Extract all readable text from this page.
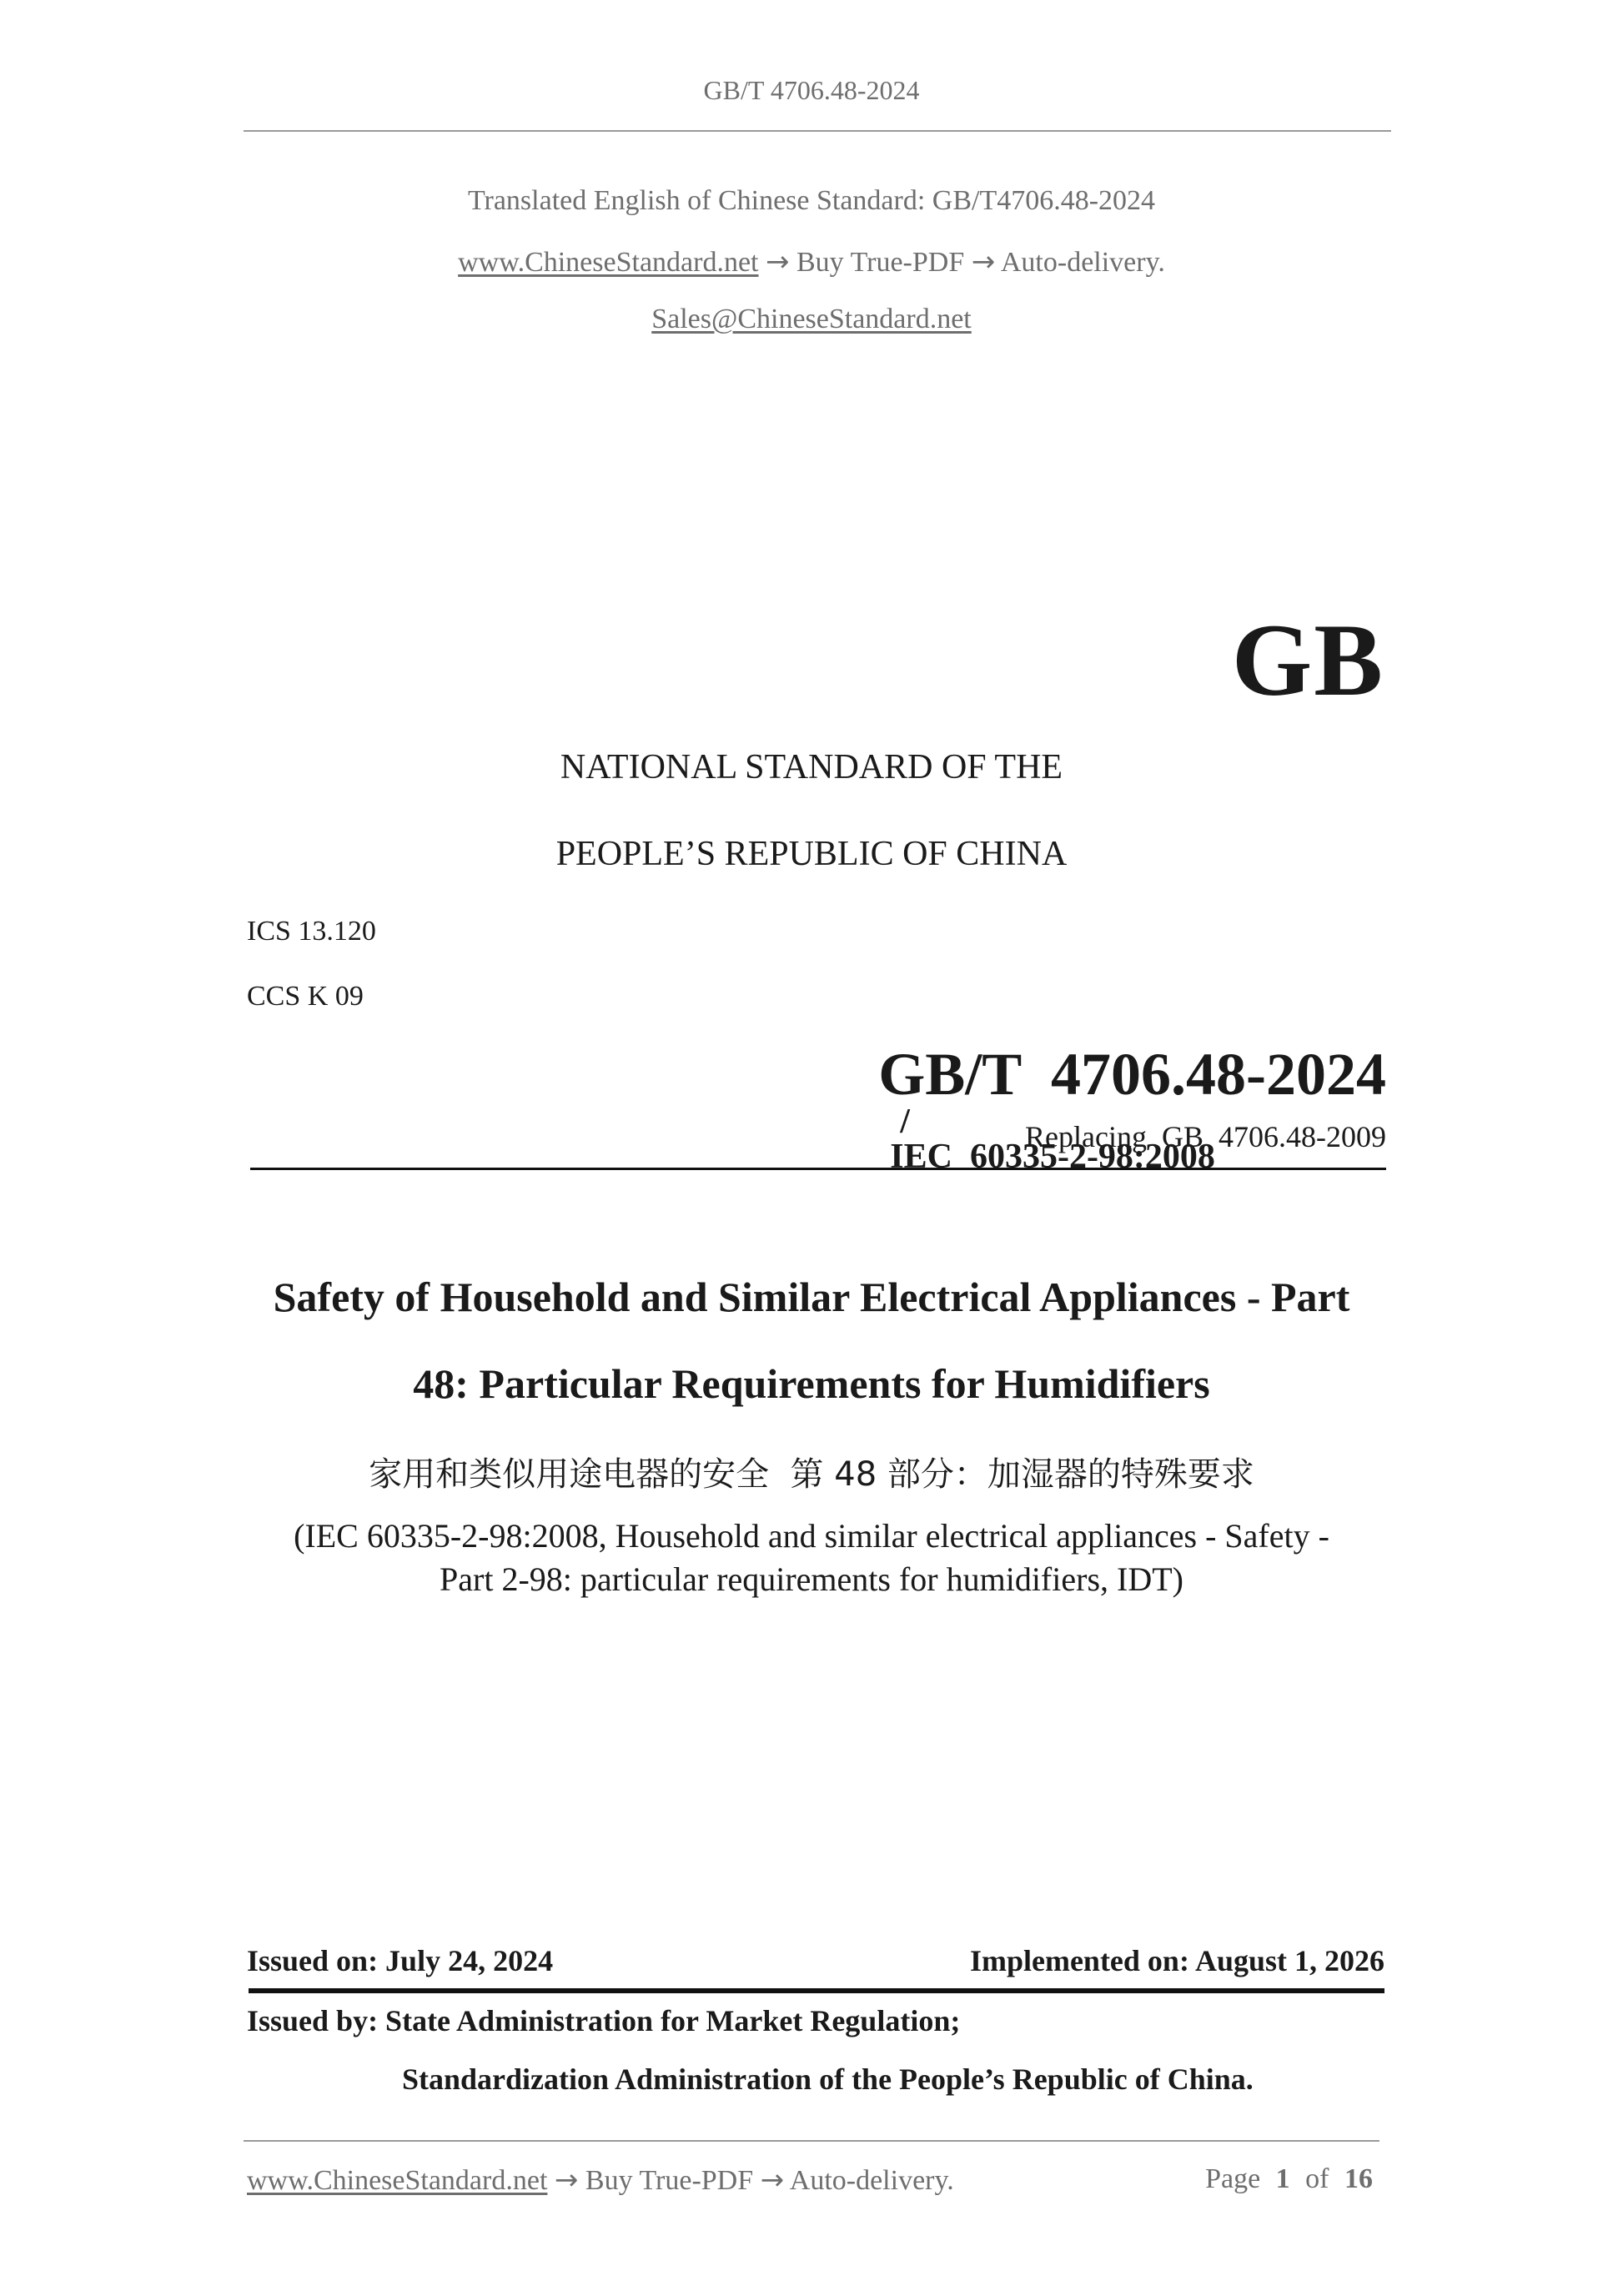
GB/T 4706.48-2024
Translated English of Chinese Standard: GB/T4706.48-2024
www.ChineseStandard.net → Buy True-PDF → Auto-delivery.
Sales@ChineseStandard.net
GB
NATIONAL STANDARD OF THE
PEOPLE’S REPUBLIC OF CHINA
ICS 13.120
CCS K 09

GB/T  4706.48-2024
/
IEC  60335-2-98:2008

Replacing  GB  4706.48-2009
Safety of Household and Similar Electrical Appliances - Part
48: Particular Requirements for Humidifiers
家用和类似用途电器的安全  第 48 部分：加湿器的特殊要求
(IEC 60335-2-98:2008, Household and similar electrical appliances - Safety -
Part 2-98: particular requirements for humidifiers, IDT)
Issued on: July 24, 2024	Implemented on: August 1, 2026
Issued by: State Administration for Market Regulation;
Standardization Administration of the People’s Republic of China.
www.ChineseStandard.net → Buy True-PDF → Auto-delivery.	Page 1 of 16
